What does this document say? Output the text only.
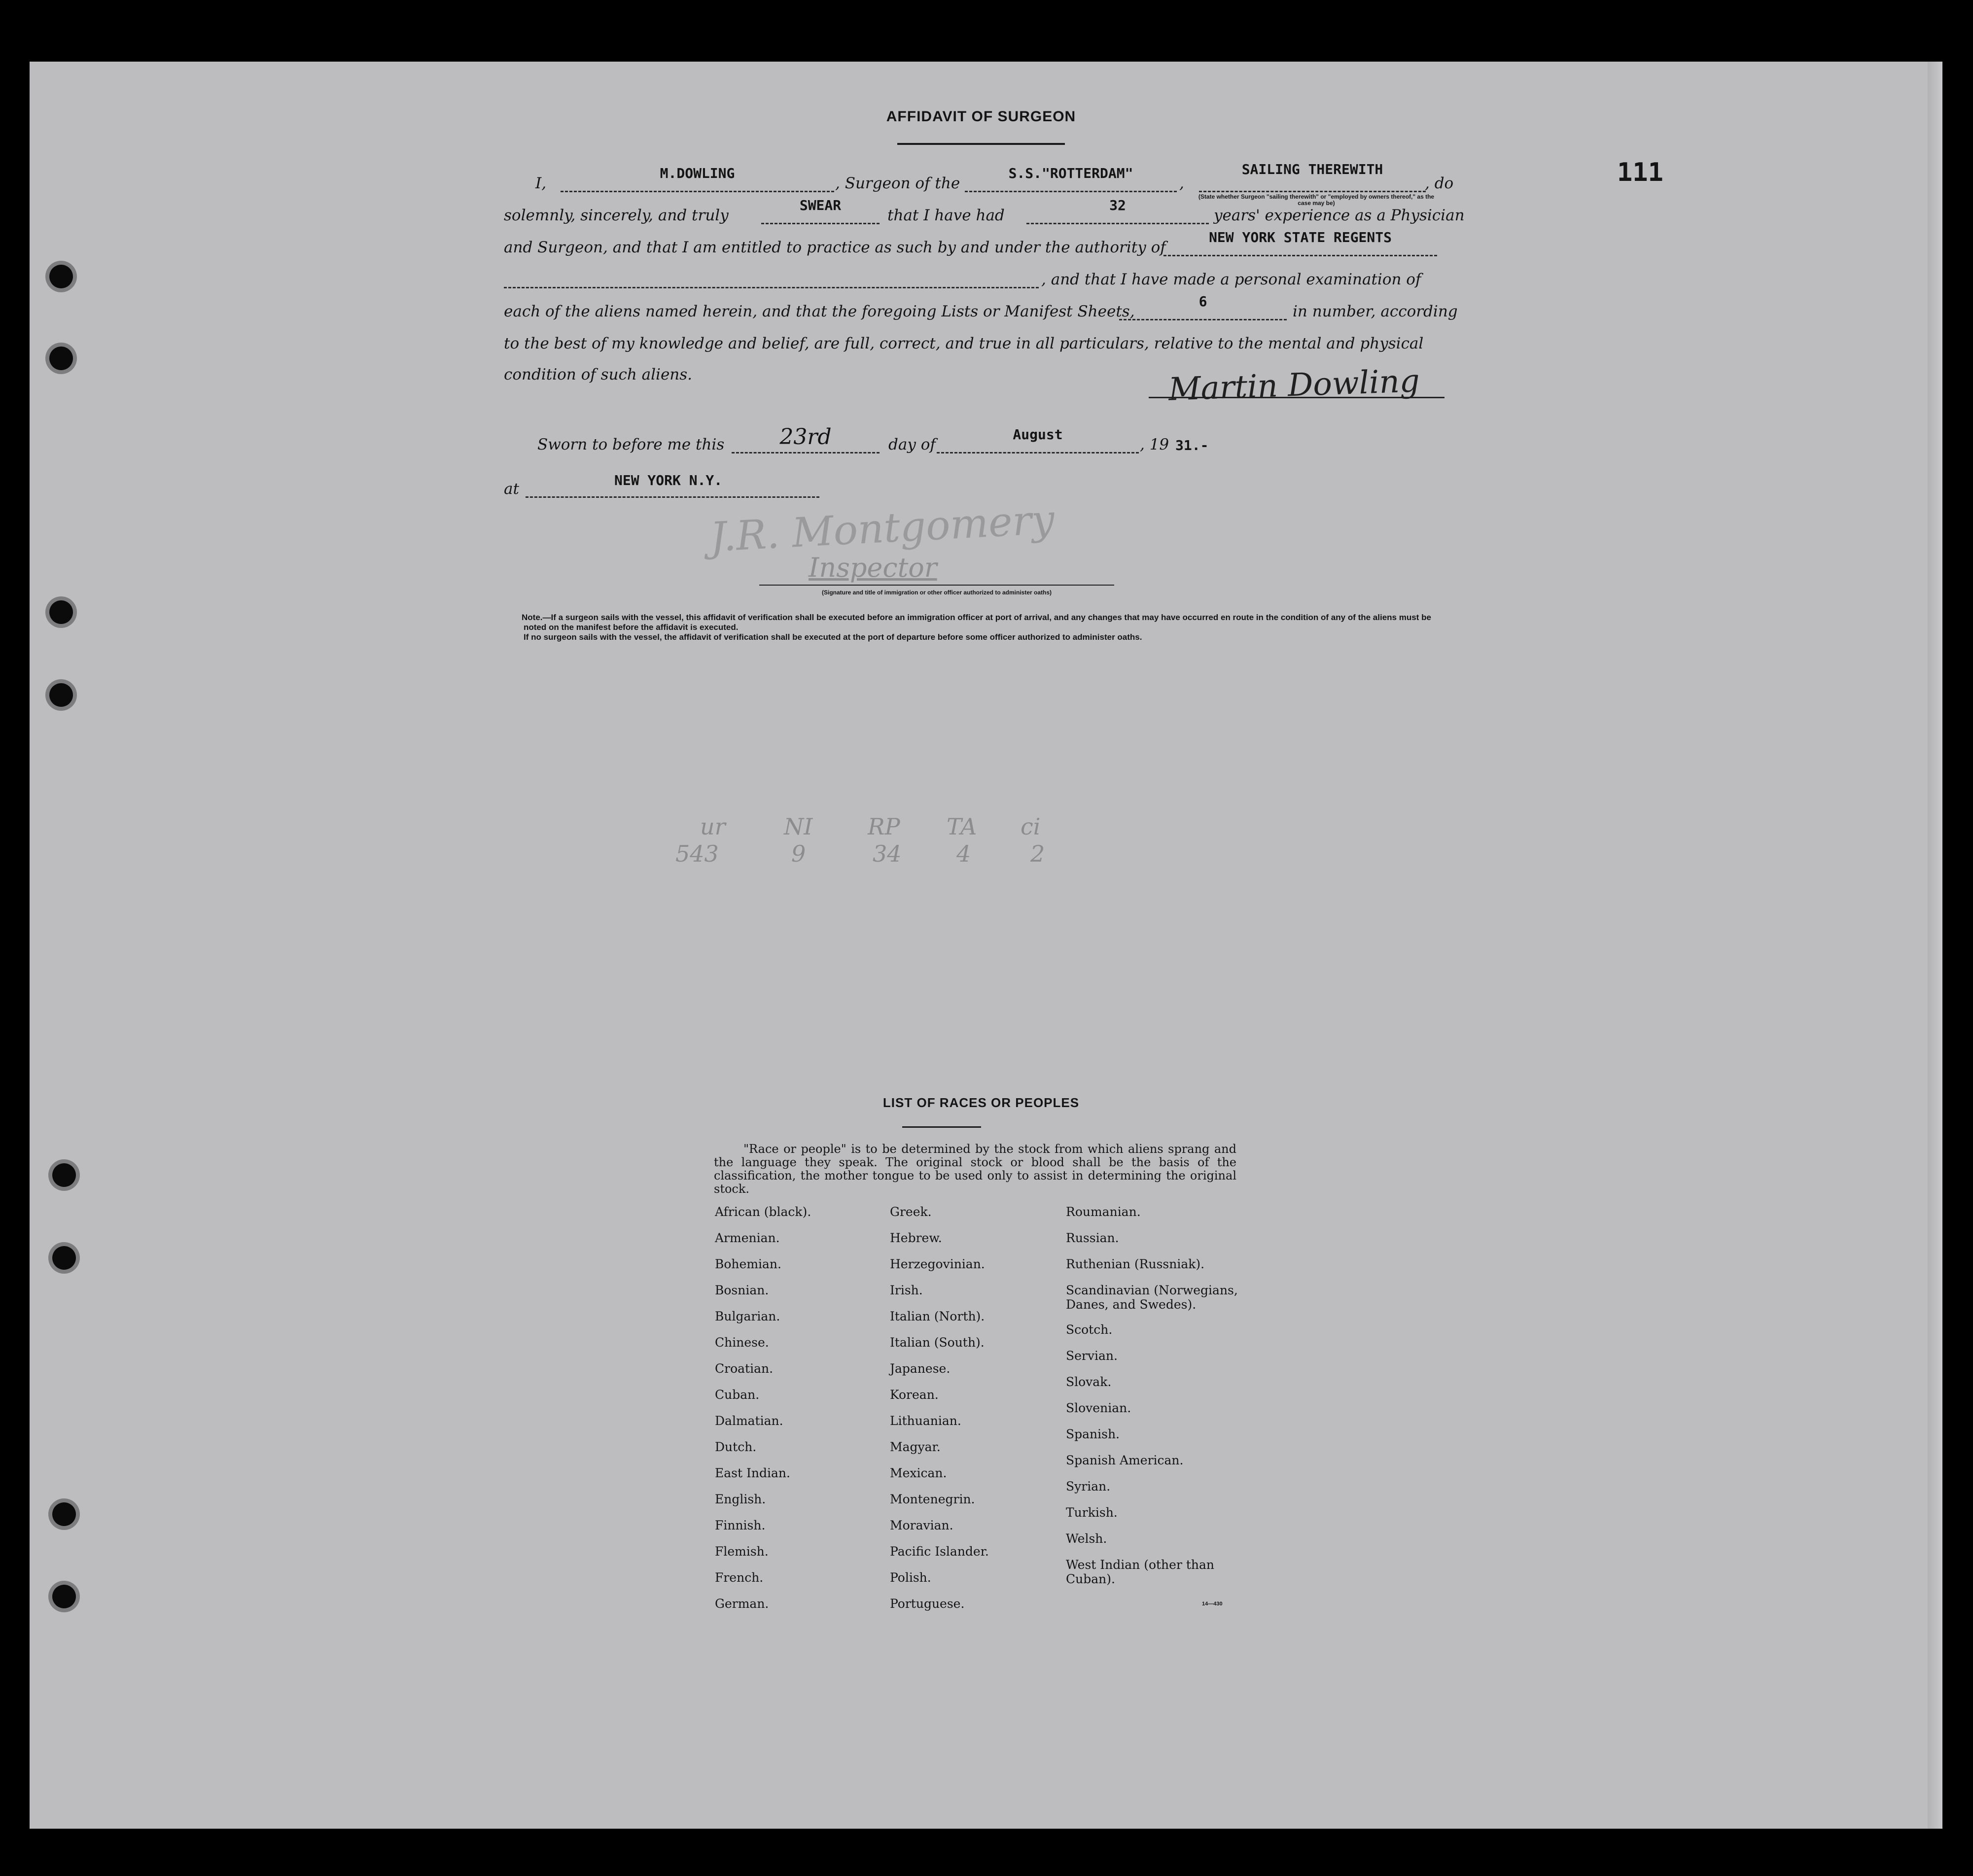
111
AFFIDAVIT OF SURGEON
I,
M.DOWLING
, Surgeon of the
S.S."ROTTERDAM"
,
SAILING THEREWITH
, do
(State whether Surgeon "sailing therewith" or "employed by owners thereof," as the case may be)
solemnly, sincerely, and truly
SWEAR
that I have had
32
years' experience as a Physician
and Surgeon, and that I am entitled to practice as such by and under the authority of
NEW YORK STATE REGENTS
, and that I have made a personal examination of
each of the aliens named herein, and that the foregoing Lists or Manifest Sheets,
6
in number, according
to the best of my knowledge and belief, are full, correct, and true in all particulars, relative to the mental and physical
condition of such aliens.	Martin Dowling
Sworn to before me this	23rd	day of
August
, 19 31.-
at	NEW YORK N.Y.
J.R. Montgomery
Inspector
(Signature and title of immigration or other officer authorized to administer oaths)

Note.—If a surgeon sails with the vessel, this affidavit of verification shall be executed before an immigration officer at port of arrival, and any changes that may have occurred en route in the condition of any of the aliens must be noted on the manifest before the affidavit is executed.

If no surgeon sails with the vessel, the affidavit of verification shall be executed at the port of departure before some officer authorized to administer oaths.

ur	NI RP TA ci
543	9	34 4	2
LIST OF RACES OR PEOPLES
"Race or people" is to be determined by the stock from which aliens sprang and the language they speak. The original stock or blood shall be the basis of the classification, the mother tongue to be used only to assist in determining the original stock.
African (black).
Armenian.
Bohemian.
Bosnian.
Bulgarian.
Chinese.
Croatian.
Cuban.
Dalmatian.
Dutch.
East Indian.
English.
Finnish.
Flemish.
French.
German.
Greek.
Hebrew.
Herzegovinian.
Irish.
Italian (North).
Italian (South).
Japanese.
Korean.
Lithuanian.
Magyar.
Mexican.
Montenegrin.
Moravian.
Pacific Islander.
Polish.
Portuguese.
Roumanian.
Russian.
Ruthenian (Russniak).
Scandinavian (Norwegians, Danes, and Swedes).
Scotch.
Servian.
Slovak.
Slovenian.
Spanish.
Spanish American.
Syrian.
Turkish.
Welsh.
West Indian (other than Cuban).
14—430
